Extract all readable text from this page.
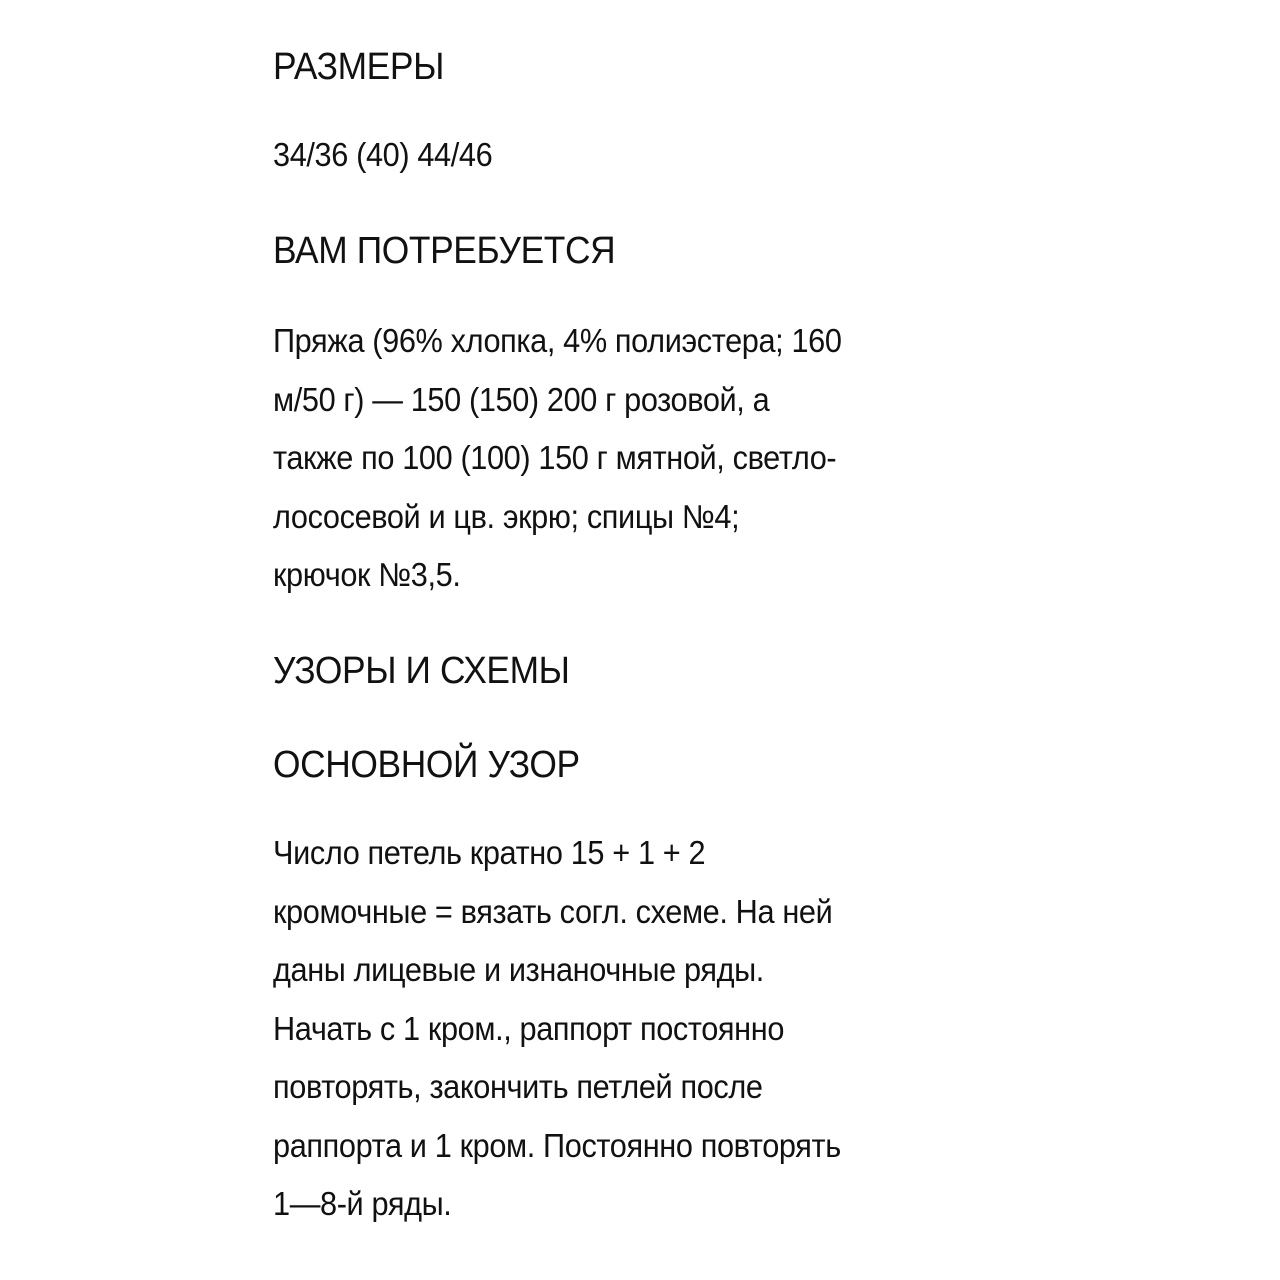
РАЗМЕРЫ

34/36 (40) 44/46

ВАМ ПОТРЕБУЕТСЯ

Пряжа (96% хлопка, 4% полиэстера; 160
м/50 г) — 150 (150) 200 г розовой, а
также по 100 (100) 150 г мятной, светло-
лососевой и цв. экрю; спицы №4;
крючок №3,5.

УЗОРЫ И СХЕМЫ
ОСНОВНОЙ УЗОР

Число петель кратно 15 + 1 + 2
кромочные = вязать согл. схеме. На ней
даны лицевые и изнаночные ряды.
Начать с 1 кром., раппорт постоянно
повторять, закончить петлей после
раппорта и 1 кром. Постоянно повторять
1—8-й ряды.
